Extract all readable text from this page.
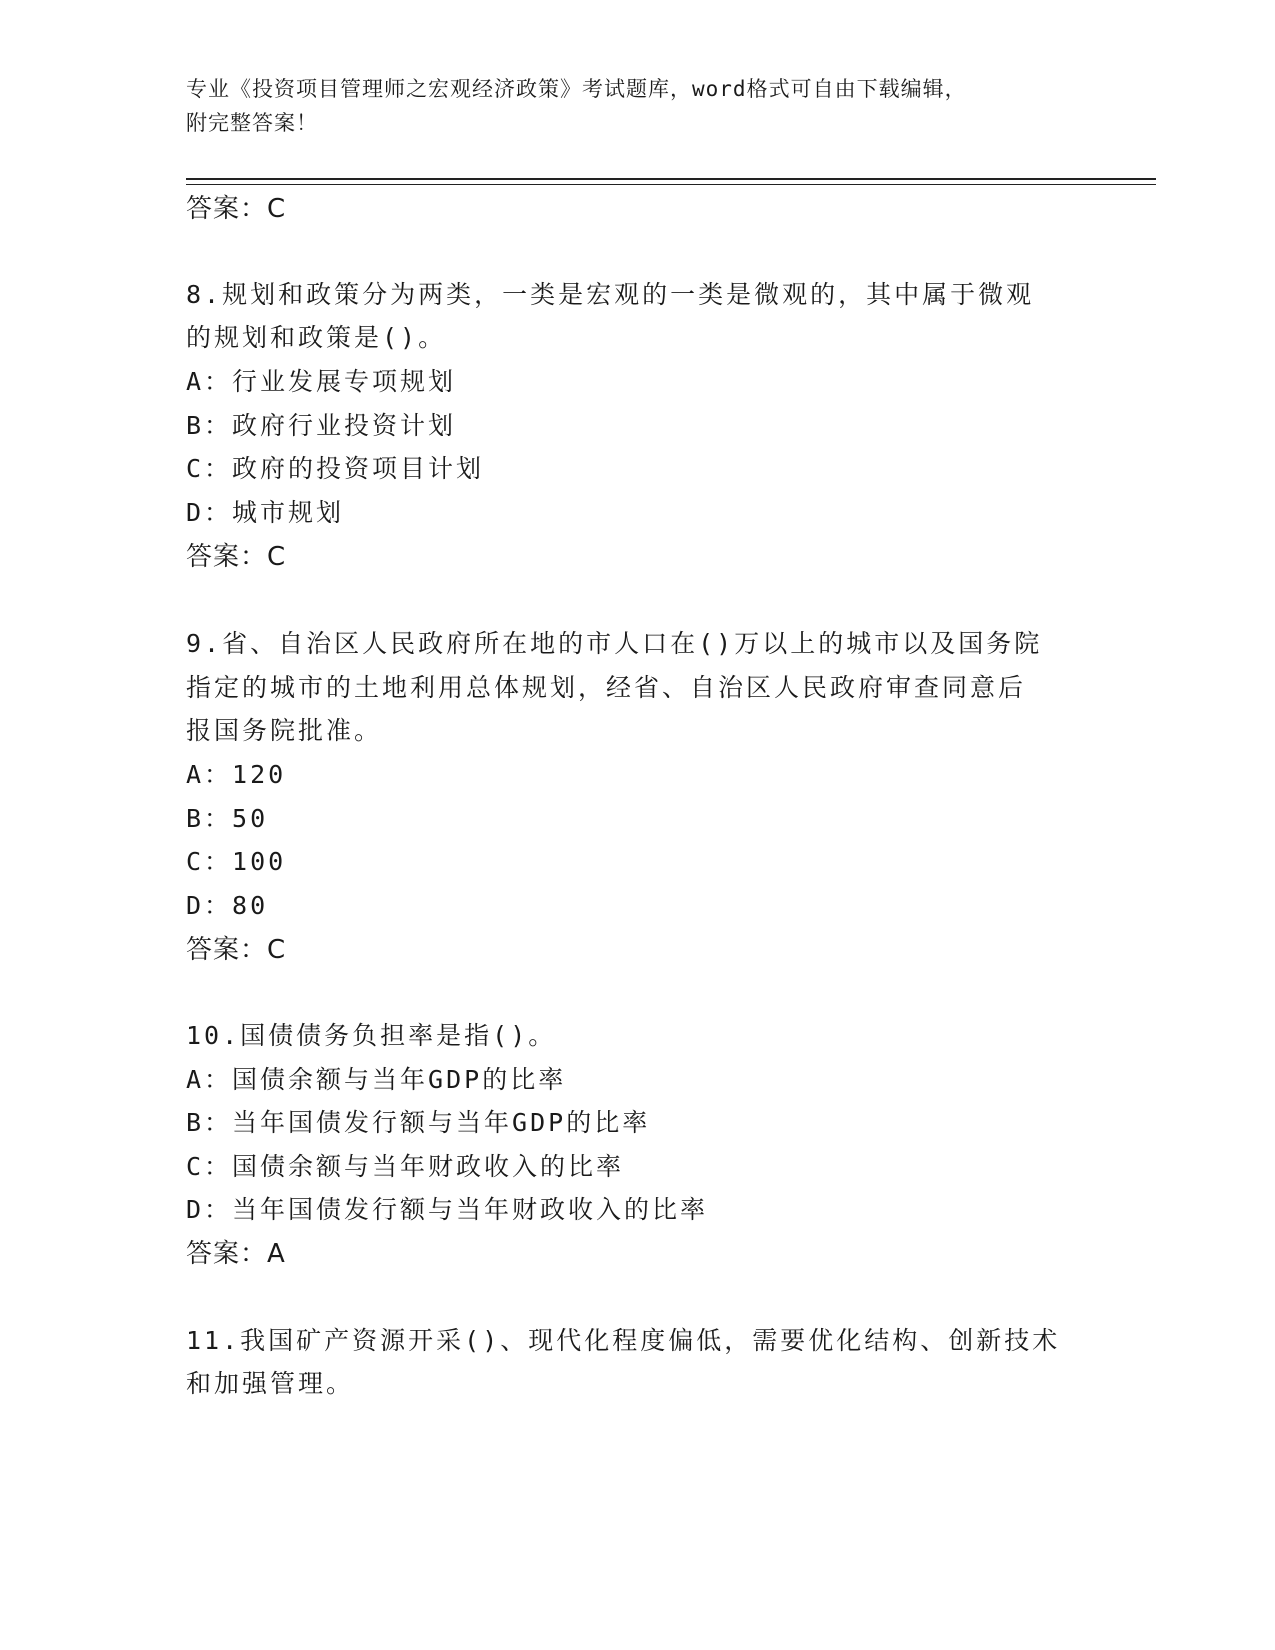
专业《投资项目管理师之宏观经济政策》考试题库，word格式可自由下载编辑，
附完整答案！
答案：C
8.规划和政策分为两类，一类是宏观的一类是微观的，其中属于微观
的规划和政策是()。
A：行业发展专项规划
B：政府行业投资计划
C：政府的投资项目计划
D：城市规划
答案：C
9.省、自治区人民政府所在地的市人口在()万以上的城市以及国务院
指定的城市的土地利用总体规划，经省、自治区人民政府审查同意后
报国务院批准。
A：120
B：50
C：100
D：80
答案：C
10.国债债务负担率是指()。
A：国债余额与当年GDP的比率
B：当年国债发行额与当年GDP的比率
C：国债余额与当年财政收入的比率
D：当年国债发行额与当年财政收入的比率
答案：A
11.我国矿产资源开采()、现代化程度偏低，需要优化结构、创新技术
和加强管理。
